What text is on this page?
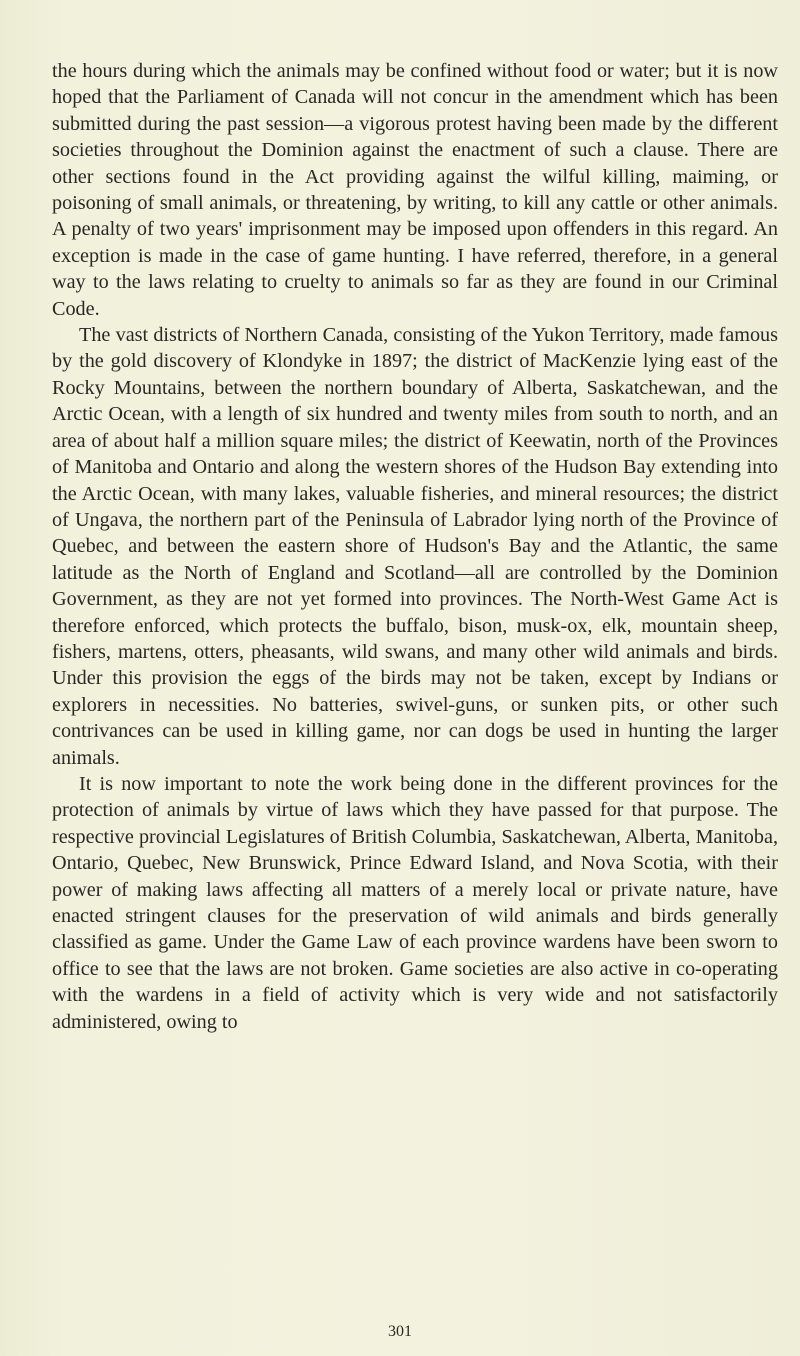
the hours during which the animals may be confined without food or water; but it is now hoped that the Parliament of Canada will not concur in the amendment which has been submitted during the past session—a vigorous protest having been made by the different societies throughout the Dominion against the enactment of such a clause. There are other sections found in the Act providing against the wilful killing, maiming, or poisoning of small animals, or threatening, by writing, to kill any cattle or other animals. A penalty of two years' imprisonment may be imposed upon offenders in this regard. An exception is made in the case of game hunting. I have referred, therefore, in a general way to the laws relating to cruelty to animals so far as they are found in our Criminal Code.

The vast districts of Northern Canada, consisting of the Yukon Territory, made famous by the gold discovery of Klondyke in 1897; the district of MacKenzie lying east of the Rocky Mountains, between the northern boundary of Alberta, Saskatchewan, and the Arctic Ocean, with a length of six hundred and twenty miles from south to north, and an area of about half a million square miles; the district of Keewatin, north of the Provinces of Manitoba and Ontario and along the western shores of the Hudson Bay extending into the Arctic Ocean, with many lakes, valuable fisheries, and mineral resources; the district of Ungava, the northern part of the Peninsula of Labrador lying north of the Province of Quebec, and between the eastern shore of Hudson's Bay and the Atlantic, the same latitude as the North of England and Scotland—all are controlled by the Dominion Government, as they are not yet formed into provinces. The North-West Game Act is therefore enforced, which protects the buffalo, bison, musk-ox, elk, mountain sheep, fishers, martens, otters, pheasants, wild swans, and many other wild animals and birds. Under this provision the eggs of the birds may not be taken, except by Indians or explorers in necessities. No batteries, swivel-guns, or sunken pits, or other such contrivances can be used in killing game, nor can dogs be used in hunting the larger animals.

It is now important to note the work being done in the different provinces for the protection of animals by virtue of laws which they have passed for that purpose. The respective provincial Legislatures of British Columbia, Saskatchewan, Alberta, Manitoba, Ontario, Quebec, New Brunswick, Prince Edward Island, and Nova Scotia, with their power of making laws affecting all matters of a merely local or private nature, have enacted stringent clauses for the preservation of wild animals and birds generally classified as game. Under the Game Law of each province wardens have been sworn to office to see that the laws are not broken. Game societies are also active in co-operating with the wardens in a field of activity which is very wide and not satisfactorily administered, owing to

301
